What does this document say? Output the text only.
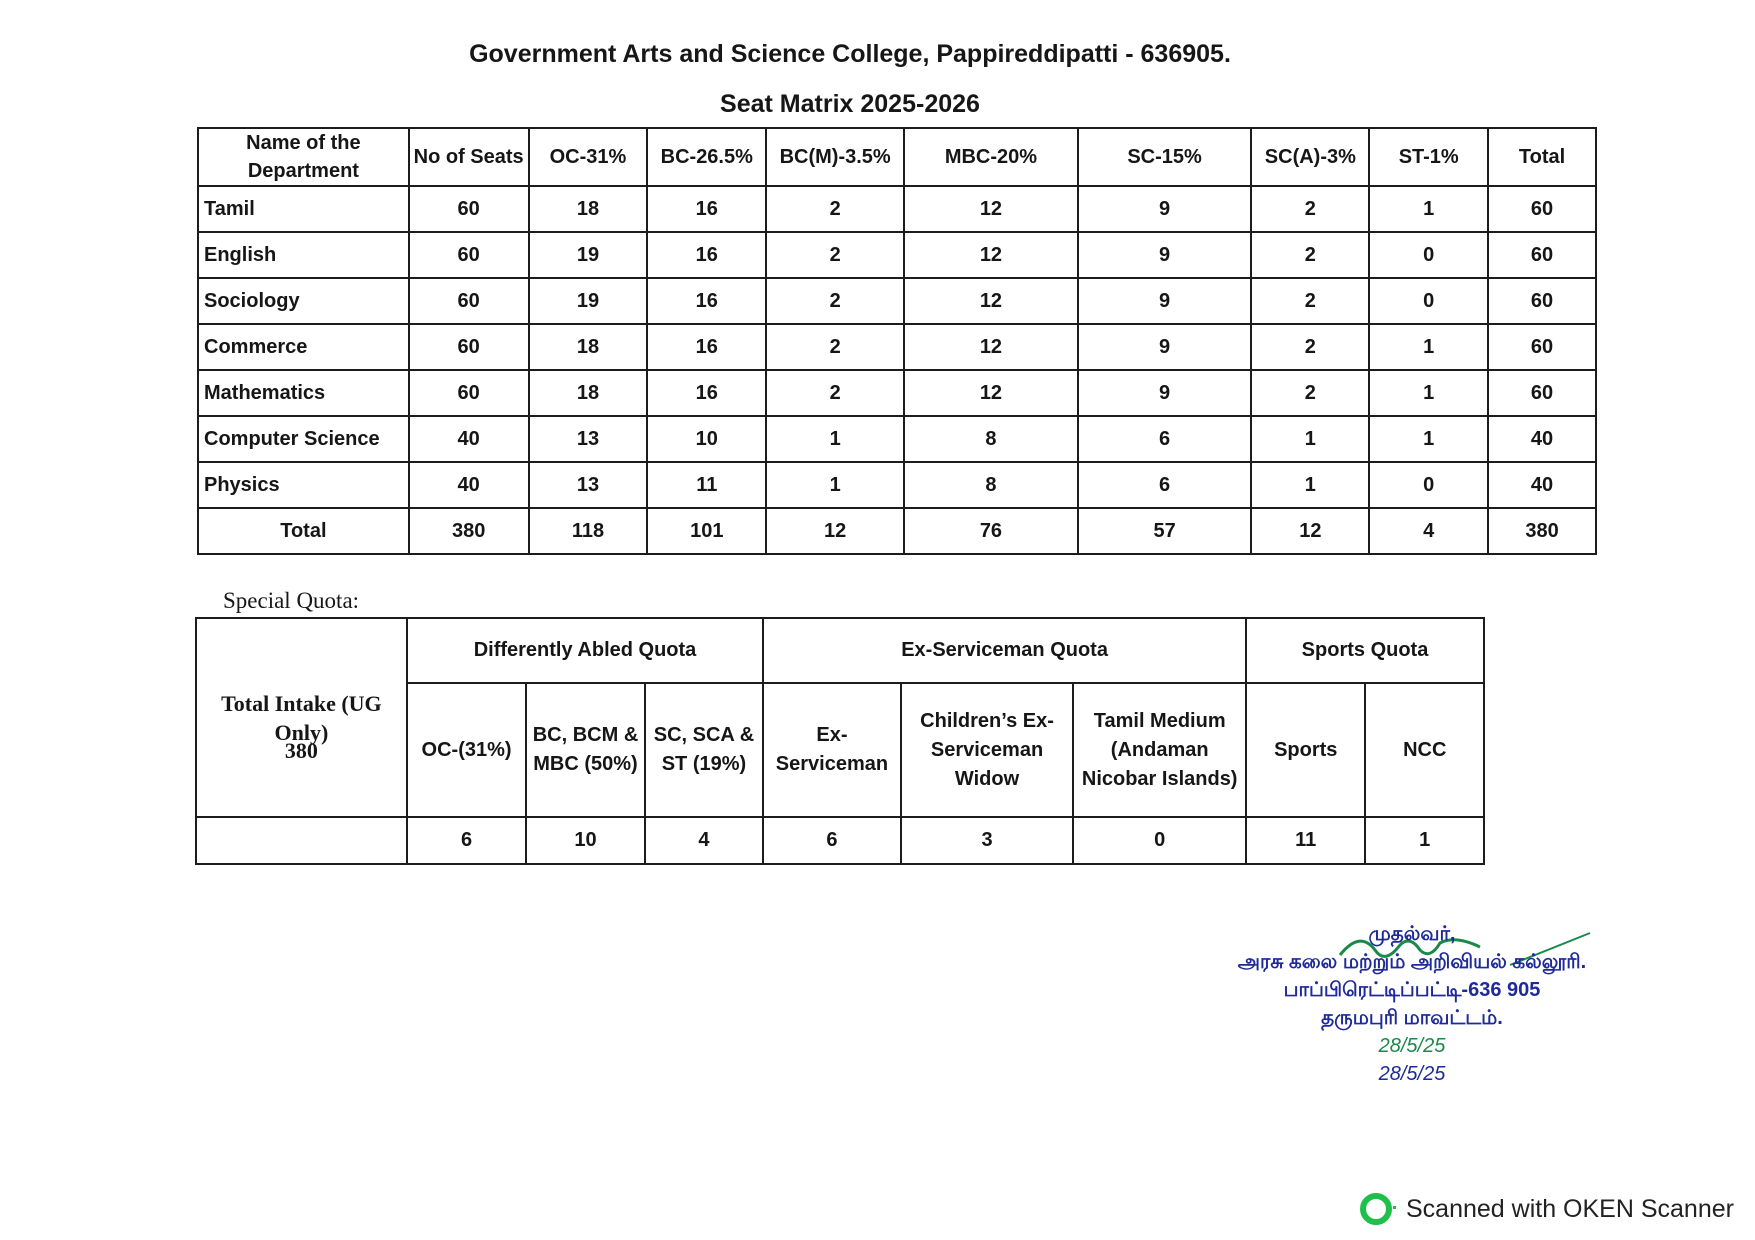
Government Arts and Science College, Pappireddipatti - 636905.
Seat Matrix 2025-2026
Name of the Department	No of Seats	OC-31%	BC-26.5%	BC(M)-3.5%	MBC-20%	SC-15%	SC(A)-3%	ST-1%	Total
Tamil	60	18	16	2	12	9	2	1	60
English	60	19	16	2	12	9	2	0	60
Sociology	60	19	16	2	12	9	2	0	60
Commerce	60	18	16	2	12	9	2	1	60
Mathematics	60	18	16	2	12	9	2	1	60
Computer Science	40	13	10	1	8	6	1	1	40
Physics	40	13	11	1	8	6	1	0	40
Total	380	118	101	12	76	57	12	4	380
Special Quota:
Total Intake (UG Only)	Differently Abled Quota			Ex-Serviceman Quota			Sports Quota	
	OC-(31%)	BC, BCM & MBC (50%)	SC, SCA & ST (19%)	Ex-Serviceman	Children’s Ex-Serviceman Widow	Tamil Medium (Andaman Nicobar Islands)	Sports	NCC
380	6	10	4	6	3	0	11	1
முதல்வர்,
அரசு கலை மற்றும் அறிவியல் கல்லூரி.
பாப்பிரெட்டிப்பட்டி-636 905
தருமபுரி மாவட்டம்.
28/5/25
28/5/25
Scanned with OKEN Scanner
